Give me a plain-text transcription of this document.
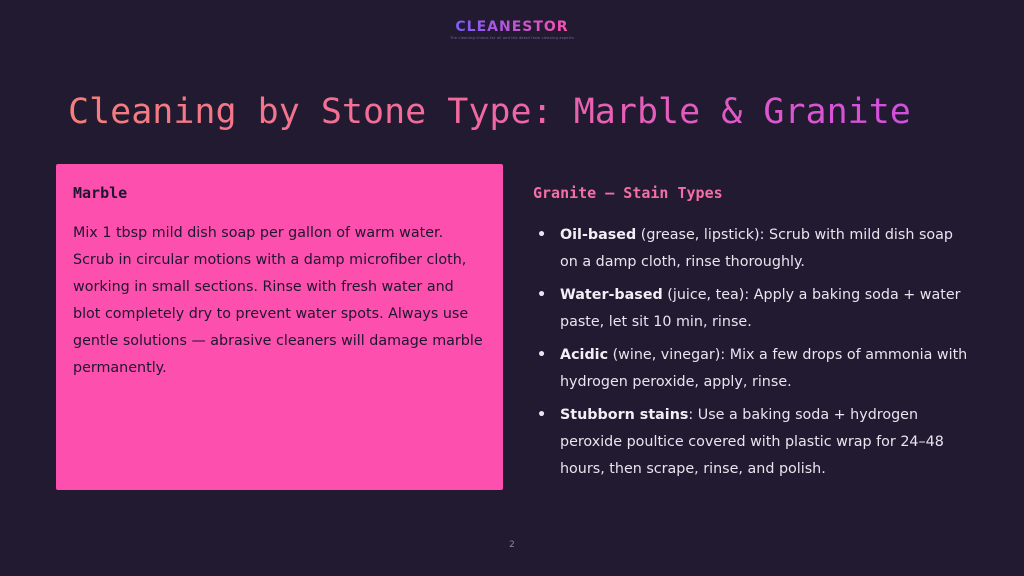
CLEANESTOR
The cleaning choice for all and the detail from cleaning experts
Cleaning by Stone Type: Marble & Granite
Marble

Mix 1 tbsp mild dish soap per gallon of warm water. Scrub in circular motions with a damp microfiber cloth, working in small sections. Rinse with fresh water and blot completely dry to prevent water spots. Always use gentle solutions — abrasive cleaners will damage marble permanently.

Granite — Stain Types
• Oil-based (grease, lipstick): Scrub with mild dish soap on a damp cloth, rinse thoroughly.
• Water-based (juice, tea): Apply a baking soda + water paste, let sit 10 min, rinse.
• Acidic (wine, vinegar): Mix a few drops of ammonia with hydrogen peroxide, apply, rinse.
• Stubborn stains: Use a baking soda + hydrogen peroxide poultice covered with plastic wrap for 24–48 hours, then scrape, rinse, and polish.
2
